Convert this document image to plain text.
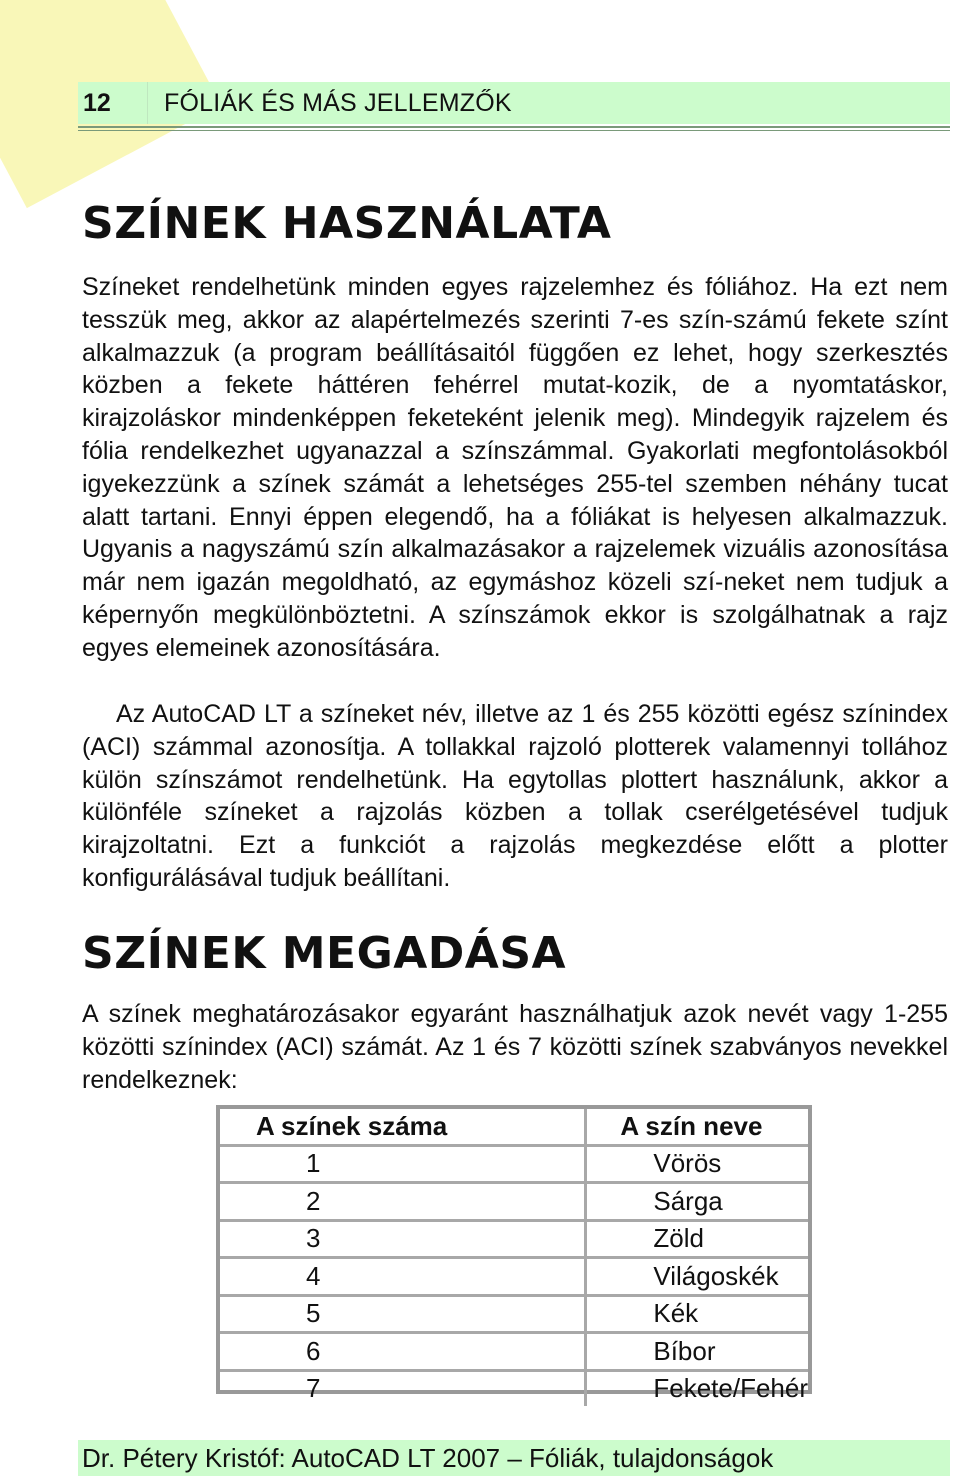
12	FÓLIÁK ÉS MÁS JELLEMZŐK
SZÍNEK HASZNÁLATA

Színeket rendelhetünk minden egyes rajzelemhez és fóliához. Ha ezt nem tesszük meg, akkor az alapértelmezés szerinti 7-es szín-számú fekete színt alkalmazzuk (a program beállításaitól függően ez lehet, hogy szerkesztés közben a fekete háttéren fehérrel mutat-kozik, de a nyomtatáskor, kirajzoláskor mindenképpen feketeként jelenik meg). Mindegyik rajzelem és fólia rendelkezhet ugyanazzal a színszámmal. Gyakorlati megfontolásokból igyekezzünk a színek számát a lehetséges 255-tel szemben néhány tucat alatt tartani. Ennyi éppen elegendő, ha a fóliákat is helyesen alkalmazzuk. Ugyanis a nagyszámú szín alkalmazásakor a rajzelemek vizuális azonosítása már nem igazán megoldható, az egymáshoz közeli szí-neket nem tudjuk a képernyőn megkülönböztetni. A színszámok ekkor is szolgálhatnak a rajz egyes elemeinek azonosítására.

Az AutoCAD LT a színeket név, illetve az 1 és 255 közötti egész színindex (ACI) számmal azonosítja. A tollakkal rajzoló plotterek valamennyi tollához külön színszámot rendelhetünk. Ha egytollas plottert használunk, akkor a különféle színeket a rajzolás közben a tollak cserélgetésével tudjuk kirajzoltatni. Ezt a funkciót a rajzolás megkezdése előtt a plotter konfigurálásával tudjuk beállítani.

SZÍNEK MEGADÁSA

A színek meghatározásakor egyaránt használhatjuk azok nevét vagy 1-255 közötti színindex (ACI) számát. Az 1 és 7 közötti színek szabványos nevekkel rendelkeznek:

A színek száma	A szín neve
1	Vörös
2	Sárga
3	Zöld
4	Világoskék
5	Kék
6	Bíbor
7	Fekete/Fehér
Dr. Pétery Kristóf: AutoCAD LT 2007 – Fóliák, tulajdonságok
